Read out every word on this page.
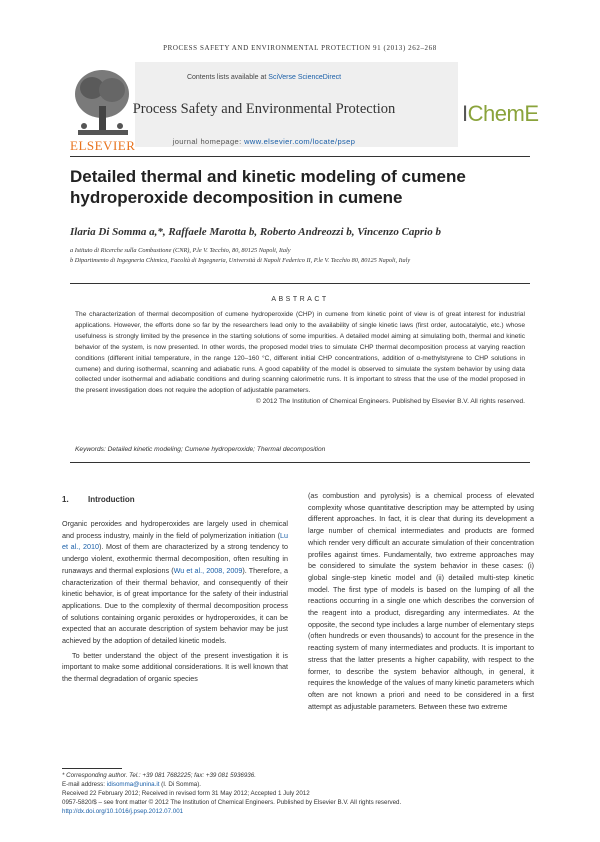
PROCESS SAFETY AND ENVIRONMENTAL PROTECTION 91 (2013) 262–268
ELSEVIER
Contents lists available at SciVerse ScienceDirect
Process Safety and Environmental Protection
journal homepage: www.elsevier.com/locate/psep
IChemE
Detailed thermal and kinetic modeling of cumene
hydroperoxide decomposition in cumene
Ilaria Di Somma a,*, Raffaele Marotta b, Roberto Andreozzi b, Vincenzo Caprio b
a Istituto di Ricerche sulla Combustione (CNR), P.le V. Tecchio, 80, 80125 Napoli, Italy
b Dipartimento di Ingegneria Chimica, Facoltà di Ingegneria, Università di Napoli Federico II, P.le V. Tecchio 80, 80125 Napoli, Italy
ABSTRACT
The characterization of thermal decomposition of cumene hydroperoxide (CHP) in cumene from kinetic point of view is of great interest for industrial applications. However, the efforts done so far by the researchers lead only to the availability of single kinetic laws (first order, autocatalytic, etc.) whose usefulness is strongly limited by the presence in the starting solutions of some impurities. A detailed model aiming at simulating both, thermal and kinetic behavior of the system, is now presented. In other words, the proposed model tries to simulate CHP thermal decomposition process at varying reaction conditions (different initial temperature, in the range 120–160 °C, different initial CHP concentrations, addition of α-methylstyrene to CHP solutions in cumene) and during isothermal, scanning and adiabatic runs. A good capability of the model is observed to simulate the system behavior by using data collected under isothermal and adiabatic conditions and during scanning calorimetric runs. It is important to stress that the use of the model proposed in the present investigation does not require the adoption of adjustable parameters.
© 2012 The Institution of Chemical Engineers. Published by Elsevier B.V. All rights reserved.
Keywords: Detailed kinetic modeling; Cumene hydroperoxide; Thermal decomposition
1. Introduction

Organic peroxides and hydroperoxides are largely used in chemical and process industry, mainly in the field of polymerization initiation (Lu et al., 2010). Most of them are characterized by a strong tendency to undergo violent, exothermic thermal decomposition, often resulting in runaways and thermal explosions (Wu et al., 2008, 2009). Therefore, a characterization of their thermal behavior, and consequently of their kinetic behavior, is of great importance for the safety of their industrial applications. Due to the complexity of thermal decomposition process of solutions containing organic peroxides or hydroperoxides, it can be expected that an accurate description of system behavior may be just achieved by the adoption of detailed kinetic models.

To better understand the object of the present investigation it is important to make some additional considerations. It is well known that the thermal degradation of organic species

(as combustion and pyrolysis) is a chemical process of elevated complexity whose quantitative description may be attempted by using different approaches. In fact, it is clear that during its development a large number of chemical intermediates and products are formed which render very difficult an accurate simulation of their concentration profiles against times. Fundamentally, two extreme approaches may be considered to simulate the system behavior in these cases: (i) global single-step kinetic model and (ii) detailed multi-step kinetic model. The first type of models is based on the lumping of all the reactions occurring in a single one which describes the conversion of the reagent into a product, disregarding any intermediates. At the opposite, the second type includes a large number of elementary steps (often hundreds or even thousands) to account for the presence in the reacting system of many intermediates and products. It is important to stress that the latter presents a higher capability, with respect to the former, to describe the system behavior although, in general, it requires the knowledge of the values of many kinetic parameters which often are not known a priori and need to be considered in a first attempt as adjustable parameters. Between these two extreme

* Corresponding author. Tel.: +39 081 7682225; fax: +39 081 5936936.
E-mail address: idisomma@unina.it (I. Di Somma).
Received 22 February 2012; Received in revised form 31 May 2012; Accepted 1 July 2012
0957-5820/$ – see front matter © 2012 The Institution of Chemical Engineers. Published by Elsevier B.V. All rights reserved.
http://dx.doi.org/10.1016/j.psep.2012.07.001
